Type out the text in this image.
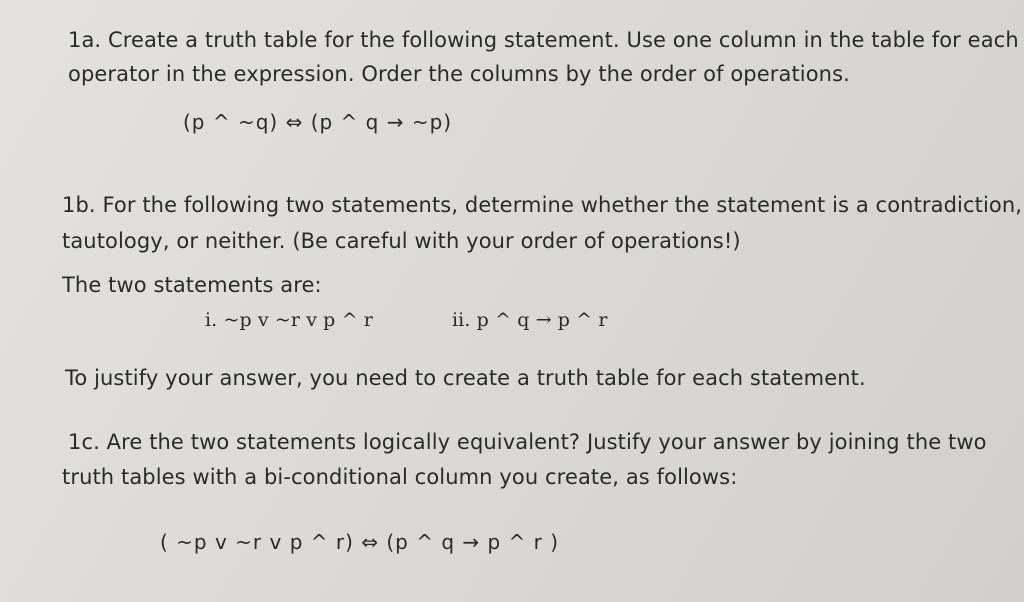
1a. Create a truth table for the following statement. Use one column in the table for each
operator in the expression. Order the columns by the order of operations.
(p ^ ~q) ⇔ (p ^ q → ~p)
1b. For the following two statements, determine whether the statement is a contradiction,
tautology, or neither. (Be careful with your order of operations!)
The two statements are:
i. ~p v ~r v p ^ r	ii. p ^ q → p ^ r
To justify your answer, you need to create a truth table for each statement.
1c. Are the two statements logically equivalent? Justify your answer by joining the two
truth tables with a bi-conditional column you create, as follows:
( ~p v ~r v p ^ r) ⇔ (p ^ q → p ^ r )
